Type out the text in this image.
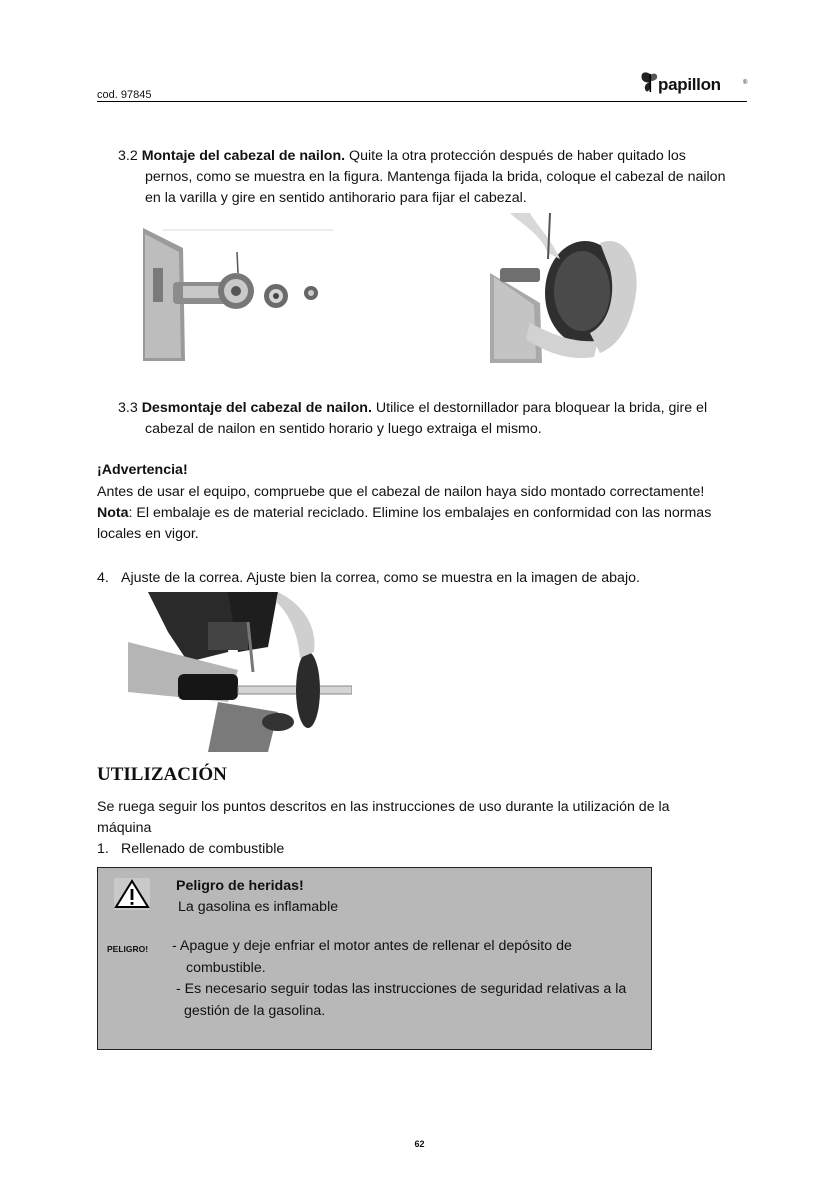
cod. 97845
papillon	®
3.2 Montaje del cabezal de nailon. Quite la otra protección después de haber quitado los
pernos, como se muestra en la figura. Mantenga fijada la brida, coloque el cabezal de nailon
en la varilla y gire en sentido antihorario para fijar el cabezal.
3.3 Desmontaje del cabezal de nailon. Utilice el destornillador para bloquear la brida, gire el
cabezal de nailon en sentido horario y luego extraiga el mismo.
¡Advertencia!
Antes de usar el equipo, compruebe que el cabezal de nailon haya sido montado correctamente!
Nota: El embalaje es de material reciclado. Elimine los embalajes en conformidad con las normas
locales en vigor.
4. Ajuste de la correa. Ajuste bien la correa, como se muestra en la imagen de abajo.
UTILIZACIÓN
Se ruega seguir los puntos descritos en las instrucciones de uso durante la utilización de la
máquina
1. Rellenado de combustible
Peligro de heridas!
La gasolina es inflamable
PELIGRO! - Apague y deje enfriar el motor antes de rellenar el depósito de
combustible.
- Es necesario seguir todas las instrucciones de seguridad relativas a la
gestión de la gasolina.
62
